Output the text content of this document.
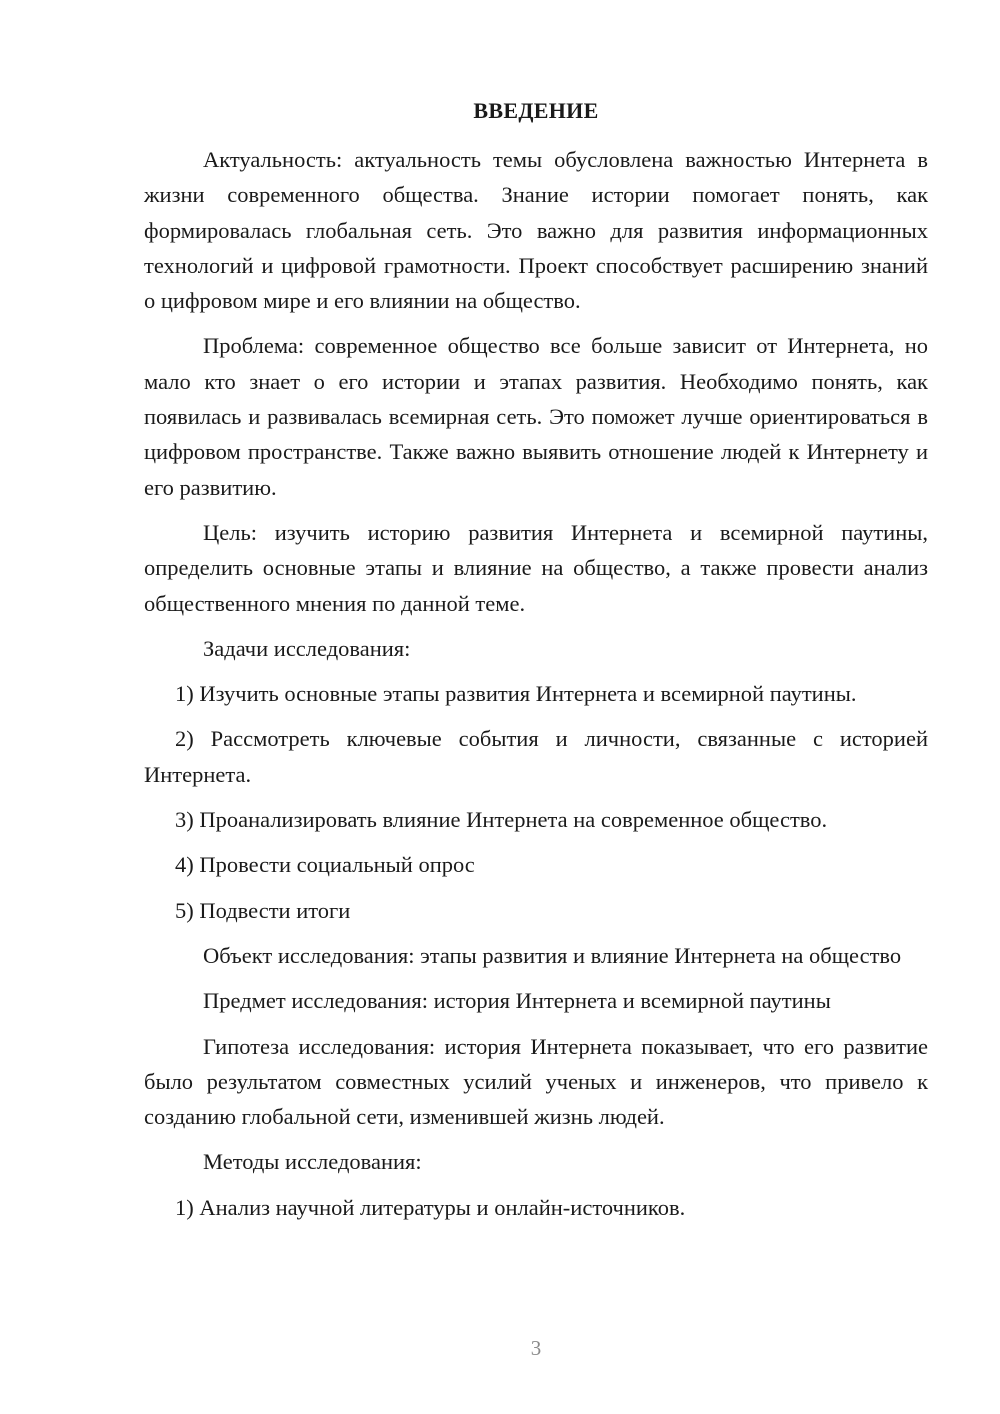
ВВЕДЕНИЕ

Актуальность: актуальность темы обусловлена важностью Интернета в жизни современного общества. Знание истории помогает понять, как формировалась глобальная сеть. Это важно для развития информационных технологий и цифровой грамотности. Проект способствует расширению знаний о цифровом мире и его влиянии на общество.

Проблема: современное общество все больше зависит от Интернета, но мало кто знает о его истории и этапах развития. Необходимо понять, как появилась и развивалась всемирная сеть. Это поможет лучше ориентироваться в цифровом пространстве. Также важно выявить отношение людей к Интернету и его развитию.

Цель: изучить историю развития Интернета и всемирной паутины, определить основные этапы и влияние на общество, а также провести анализ общественного мнения по данной теме.

Задачи исследования:

1) Изучить основные этапы развития Интернета и всемирной паутины.

2) Рассмотреть ключевые события и личности, связанные с историей Интернета.

3) Проанализировать влияние Интернета на современное общество.

4) Провести социальный опрос

5) Подвести итоги

Объект исследования: этапы развития и влияние Интернета на общество

Предмет исследования: история Интернета и всемирной паутины

Гипотеза исследования: история Интернета показывает, что его развитие было результатом совместных усилий ученых и инженеров, что привело к созданию глобальной сети, изменившей жизнь людей.

Методы исследования:

1) Анализ научной литературы и онлайн-источников.

3
